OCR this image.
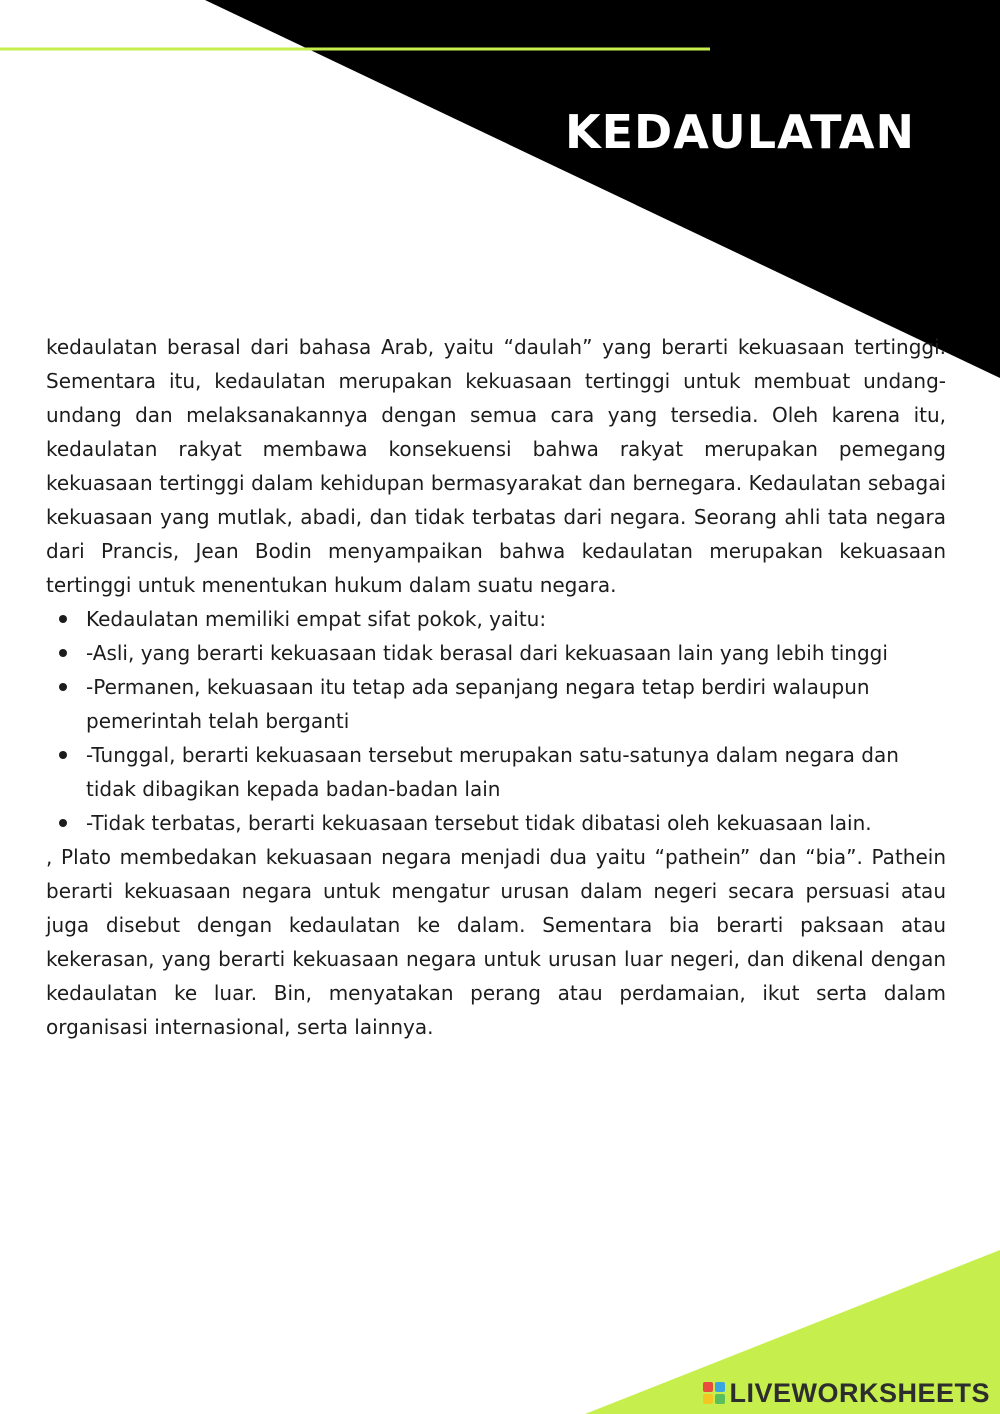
KEDAULATAN

kedaulatan berasal dari bahasa Arab, yaitu “daulah” yang berarti kekuasaan tertinggi. Sementara itu, kedaulatan merupakan kekuasaan tertinggi untuk membuat undang-undang dan melaksanakannya dengan semua cara yang tersedia. Oleh karena itu, kedaulatan rakyat membawa konsekuensi bahwa rakyat merupakan pemegang kekuasaan tertinggi dalam kehidupan bermasyarakat dan bernegara. Kedaulatan sebagai kekuasaan yang mutlak, abadi, dan tidak terbatas dari negara. Seorang ahli tata negara dari Prancis, Jean Bodin menyampaikan bahwa kedaulatan merupakan kekuasaan tertinggi untuk menentukan hukum dalam suatu negara.

Kedaulatan memiliki empat sifat pokok, yaitu:
-Asli, yang berarti kekuasaan tidak berasal dari kekuasaan lain yang lebih tinggi
-Permanen, kekuasaan itu tetap ada sepanjang negara tetap berdiri walaupun pemerintah telah berganti
-Tunggal, berarti kekuasaan tersebut merupakan satu-satunya dalam negara dan tidak dibagikan kepada badan-badan lain
-Tidak terbatas, berarti kekuasaan tersebut tidak dibatasi oleh kekuasaan lain.

, Plato membedakan kekuasaan negara menjadi dua yaitu “pathein” dan “bia”. Pathein berarti kekuasaan negara untuk mengatur urusan dalam negeri secara persuasi atau juga disebut dengan kedaulatan ke dalam. Sementara bia berarti paksaan atau kekerasan, yang berarti kekuasaan negara untuk urusan luar negeri, dan dikenal dengan kedaulatan ke luar. Bin, menyatakan perang atau perdamaian, ikut serta dalam organisasi internasional, serta lainnya.

LIVEWORKSHEETS
